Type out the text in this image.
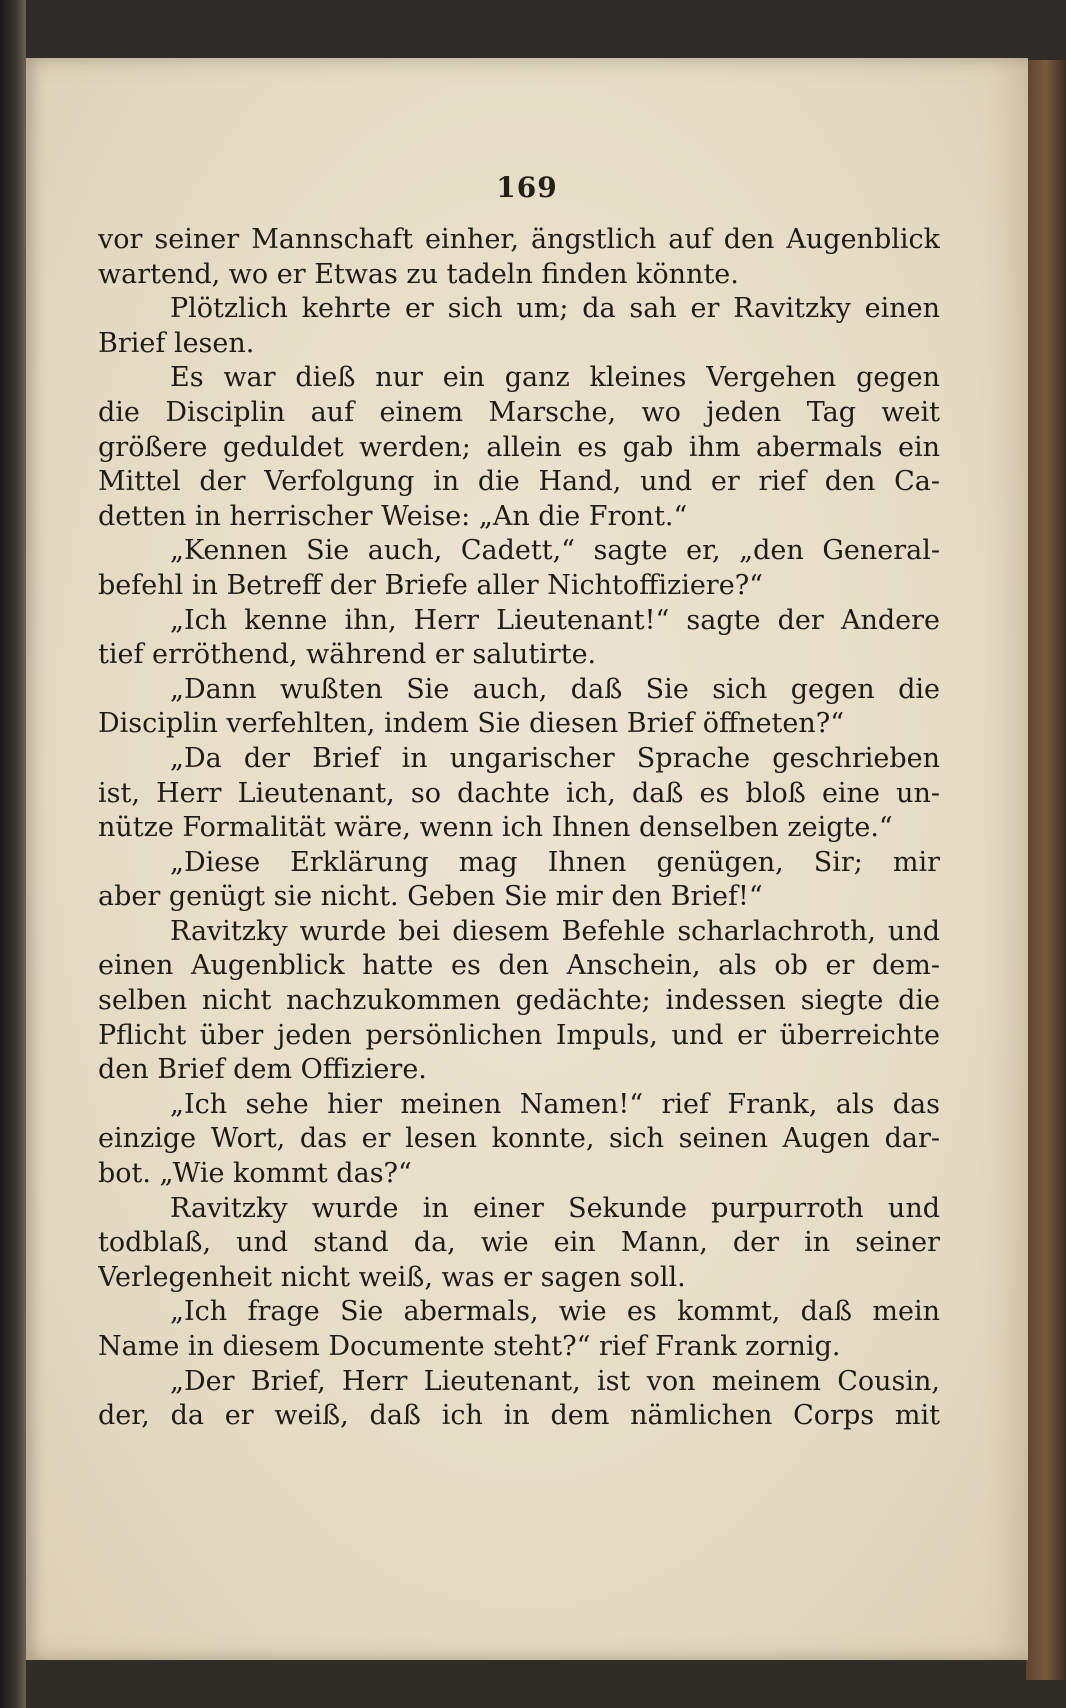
169
vor seiner Mannschaft einher, ängstlich auf den Augenblick
wartend, wo er Etwas zu tadeln finden könnte.
Plötzlich kehrte er sich um; da sah er Ravitzky einen
Brief lesen.
Es war dieß nur ein ganz kleines Vergehen gegen
die Disciplin auf einem Marsche, wo jeden Tag weit
größere geduldet werden; allein es gab ihm abermals ein
Mittel der Verfolgung in die Hand, und er rief den Ca-
detten in herrischer Weise: „An die Front.“
„Kennen Sie auch, Cadett,“ sagte er, „den General-
befehl in Betreff der Briefe aller Nichtoffiziere?“
„Ich kenne ihn, Herr Lieutenant!“ sagte der Andere
tief erröthend, während er salutirte.
„Dann wußten Sie auch, daß Sie sich gegen die
Disciplin verfehlten, indem Sie diesen Brief öffneten?“
„Da der Brief in ungarischer Sprache geschrieben
ist, Herr Lieutenant, so dachte ich, daß es bloß eine un-
nütze Formalität wäre, wenn ich Ihnen denselben zeigte.“
„Diese Erklärung mag Ihnen genügen, Sir; mir
aber genügt sie nicht. Geben Sie mir den Brief!“
Ravitzky wurde bei diesem Befehle scharlachroth, und
einen Augenblick hatte es den Anschein, als ob er dem-
selben nicht nachzukommen gedächte; indessen siegte die
Pflicht über jeden persönlichen Impuls, und er überreichte
den Brief dem Offiziere.
„Ich sehe hier meinen Namen!“ rief Frank, als das
einzige Wort, das er lesen konnte, sich seinen Augen dar-
bot. „Wie kommt das?“
Ravitzky wurde in einer Sekunde purpurroth und
todblaß, und stand da, wie ein Mann, der in seiner
Verlegenheit nicht weiß, was er sagen soll.
„Ich frage Sie abermals, wie es kommt, daß mein
Name in diesem Documente steht?“ rief Frank zornig.
„Der Brief, Herr Lieutenant, ist von meinem Cousin,
der, da er weiß, daß ich in dem nämlichen Corps mit
